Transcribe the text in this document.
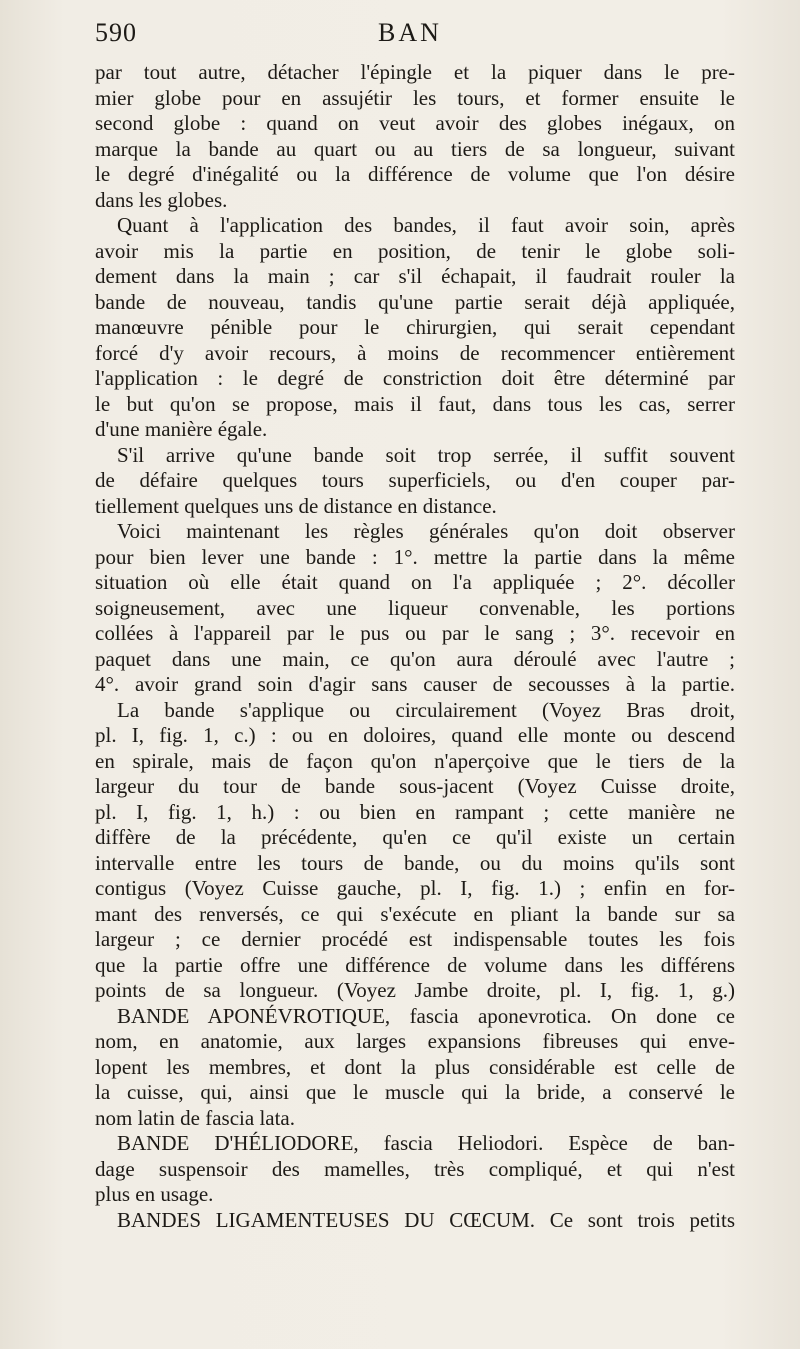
590	BAN
par tout autre, détacher l'épingle et la piquer dans le pre-
mier globe pour en assujétir les tours, et former ensuite le
second globe : quand on veut avoir des globes inégaux, on
marque la bande au quart ou au tiers de sa longueur, suivant
le degré d'inégalité ou la différence de volume que l'on désire
dans les globes.
Quant à l'application des bandes, il faut avoir soin, après
avoir mis la partie en position, de tenir le globe soli-
dement dans la main ; car s'il échapait, il faudrait rouler la
bande de nouveau, tandis qu'une partie serait déjà appliquée,
manœuvre pénible pour le chirurgien, qui serait cependant
forcé d'y avoir recours, à moins de recommencer entièrement
l'application : le degré de constriction doit être déterminé par
le but qu'on se propose, mais il faut, dans tous les cas, serrer
d'une manière égale.
S'il arrive qu'une bande soit trop serrée, il suffit souvent
de défaire quelques tours superficiels, ou d'en couper par-
tiellement quelques uns de distance en distance.
Voici maintenant les règles générales qu'on doit observer
pour bien lever une bande : 1°. mettre la partie dans la même
situation où elle était quand on l'a appliquée ; 2°. décoller
soigneusement, avec une liqueur convenable, les portions
collées à l'appareil par le pus ou par le sang ; 3°. recevoir en
paquet dans une main, ce qu'on aura déroulé avec l'autre ;
4°. avoir grand soin d'agir sans causer de secousses à la partie.
La bande s'applique ou circulairement (Voyez Bras droit,
pl. I, fig. 1, c.) : ou en doloires, quand elle monte ou descend
en spirale, mais de façon qu'on n'aperçoive que le tiers de la
largeur du tour de bande sous-jacent (Voyez Cuisse droite,
pl. I, fig. 1, h.) : ou bien en rampant ; cette manière ne
diffère de la précédente, qu'en ce qu'il existe un certain
intervalle entre les tours de bande, ou du moins qu'ils sont
contigus (Voyez Cuisse gauche, pl. I, fig. 1.) ; enfin en for-
mant des renversés, ce qui s'exécute en pliant la bande sur sa
largeur ; ce dernier procédé est indispensable toutes les fois
que la partie offre une différence de volume dans les différens
points de sa longueur. (Voyez Jambe droite, pl. I, fig. 1, g.)
BANDE APONÉVROTIQUE, fascia aponevrotica. On done ce
nom, en anatomie, aux larges expansions fibreuses qui enve-
lopent les membres, et dont la plus considérable est celle de
la cuisse, qui, ainsi que le muscle qui la bride, a conservé le
nom latin de fascia lata.
BANDE D'HÉLIODORE, fascia Heliodori. Espèce de ban-
dage suspensoir des mamelles, très compliqué, et qui n'est
plus en usage.
BANDES LIGAMENTEUSES DU CŒCUM. Ce sont trois petits
